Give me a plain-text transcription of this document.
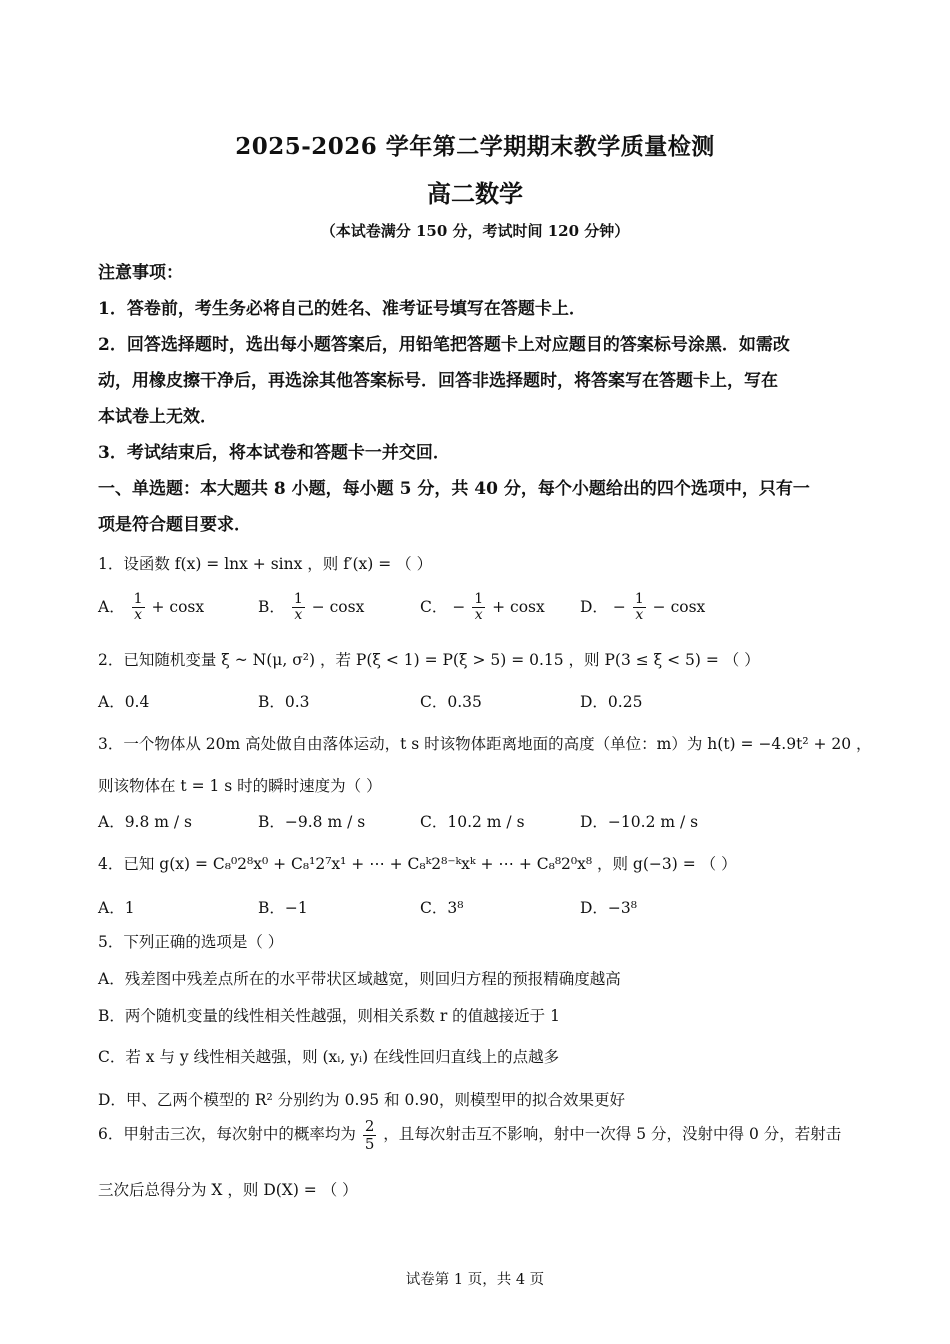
2025-2026 学年第二学期期末教学质量检测
高二数学
（本试卷满分 150 分，考试时间 120 分钟）
注意事项：
1．答卷前，考生务必将自己的姓名、准考证号填写在答题卡上．
2．回答选择题时，选出每小题答案后，用铅笔把答题卡上对应题目的答案标号涂黑．如需改
动，用橡皮擦干净后，再选涂其他答案标号．回答非选择题时，将答案写在答题卡上，写在
本试卷上无效．
3．考试结束后，将本试卷和答题卡一并交回．
一、单选题：本大题共 8 小题，每小题 5 分，共 40 分，每个小题给出的四个选项中，只有一
项是符合题目要求．
1．设函数 f(x) = lnx + sinx ，则 f′(x) = （ ）
A． $\frac{1}{x} + \cos x$	B． $\frac{1}{x} - \cos x$	C． − $\frac{1}{x} + \cos x$ D． − $\frac{1}{x} - \cos x$
2．已知随机变量 ξ ~ N(μ, σ²) ，若 P(ξ < 1) = P(ξ > 5) = 0.15 ，则 P(3 ≤ ξ < 5) = （ ）
A．0.4	B．0.3	C．0.35	D．0.25
3．一个物体从 20m 高处做自由落体运动，t s 时该物体距离地面的高度（单位：m）为 h(t) = −4.9t² + 20 ，
则该物体在 t = 1 s 时的瞬时速度为（ ）
A．9.8 m / s	B．−9.8 m / s	C．10.2 m / s	D．−10.2 m / s
4．已知 g(x) = C₈⁰2⁸x⁰ + C₈¹2⁷x¹ + ⋯ + C₈ᵏ2⁸⁻ᵏxᵏ + ⋯ + C₈⁸2⁰x⁸ ，则 g(−3) = （ ）
A．1	B．−1	C．3⁸	D．−3⁸
5．下列正确的选项是（ ）
A．残差图中残差点所在的水平带状区域越宽，则回归方程的预报精确度越高
B．两个随机变量的线性相关性越强，则相关系数 r 的值越接近于 1
C．若 x 与 y 线性相关越强，则 (xᵢ, yᵢ) 在线性回归直线上的点越多
D．甲、乙两个模型的 R² 分别约为 0.95 和 0.90，则模型甲的拟合效果更好
6．甲射击三次，每次射中的概率均为 $\frac{2}{5}$ ，且每次射击互不影响，射中一次得 5 分，没射中得 0 分，若射击
三次后总得分为 X ，则 D(X) = （ ）
试卷第 1 页，共 4 页
